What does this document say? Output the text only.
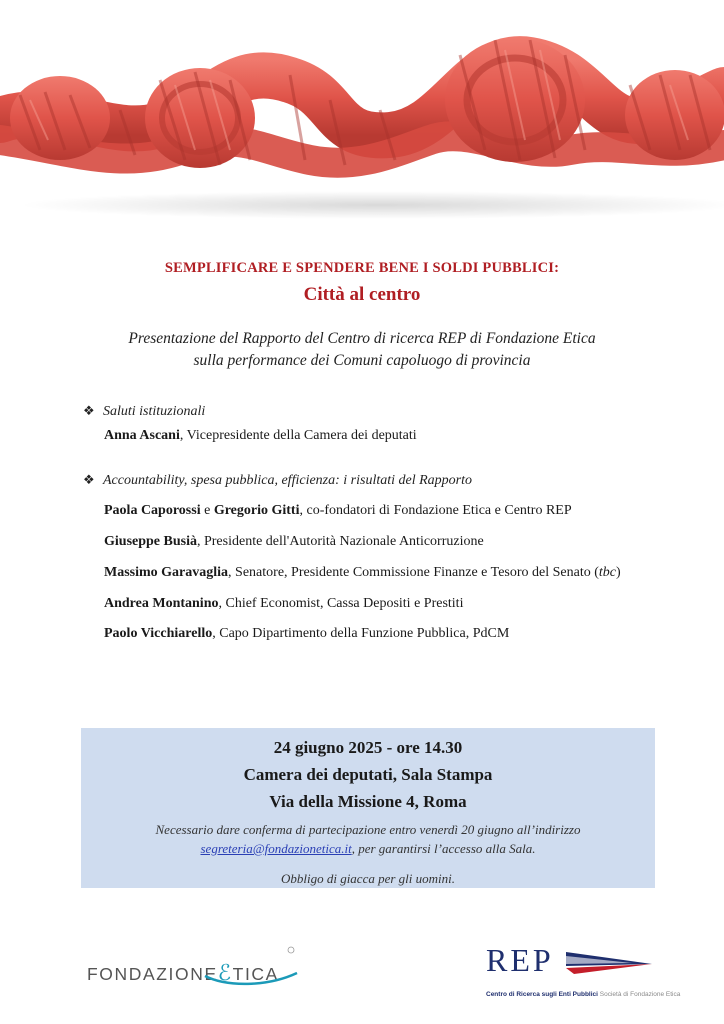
SEMPLIFICARE E SPENDERE BENE I SOLDI PUBBLICI:
Città al centro
Presentazione del Rapporto del Centro di ricerca REP di Fondazione Etica
sulla performance dei Comuni capoluogo di provincia
❖ Saluti istituzionali
Anna Ascani, Vicepresidente della Camera dei deputati
❖ Accountability, spesa pubblica, efficienza: i risultati del Rapporto
Paola Caporossi e Gregorio Gitti, co-fondatori di Fondazione Etica e Centro REP
Giuseppe Busià, Presidente dell'Autorità Nazionale Anticorruzione
Massimo Garavaglia, Senatore, Presidente Commissione Finanze e Tesoro del Senato (tbc)
Andrea Montanino, Chief Economist, Cassa Depositi e Prestiti
Paolo Vicchiarello, Capo Dipartimento della Funzione Pubblica, PdCM
24 giugno 2025 - ore 14.30
Camera dei deputati, Sala Stampa
Via della Missione 4, Roma
Necessario dare conferma di partecipazione entro venerdì 20 giugno all’indirizzo
segreteria@fondazionetica.it, per garantirsi l’accesso alla Sala.
Obbligo di giacca per gli uomini.
FONDAZIONEℰTICA	REP
Centro di Ricerca sugli Enti Pubblici Società di Fondazione Etica
